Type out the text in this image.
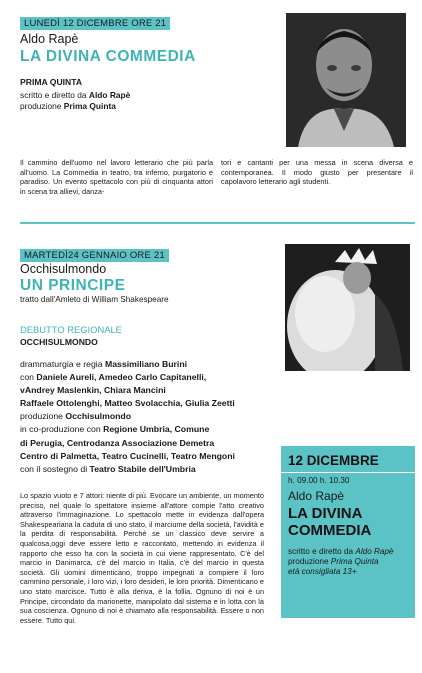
LUNEDÌ 12 DICEMBRE ORE 21
Aldo Rapè
LA DIVINA COMMEDIA
PRIMA QUINTA
scritto e diretto da Aldo Rapè
produzione Prima Quinta
Il cammino dell'uomo nel lavoro letterario che più parla all'uomo. La Commedia in teatro, tra inferno, purgatorio e paradiso. Un evento spettacolo con più di cinquanta attori in scena tra allievi, danza-
tori e cantanti per una messa in scena diversa e contemporanea. Il modo giusto per presentare il capolavoro letterario agli studenti.
MARTEDÌ24 GENNAIO ORE 21
Occhisulmondo
UN PRINCIPE
tratto dall'Amleto di William Shakespeare
DEBUTTO REGIONALE
OCCHISULMONDO
drammaturgia e regia Massimiliano Burini
con Daniele Aureli, Amedeo Carlo Capitanelli,
vAndrey Maslenkin, Chiara Mancini
Raffaele Ottolenghi, Matteo Svolacchia, Giulia Zeetti
produzione Occhisulmondo
in co-produzione con Regione Umbria, Comune
di Perugia, Centrodanza Associazione Demetra
Centro di Palmetta, Teatro Cucinelli, Teatro Mengoni
con il sostegno di Teatro Stabile dell'Umbria
Lo spazio vuoto e 7 attori: niente di più. Evocare un ambiente, un momento preciso, nel quale lo spettatore insieme all'attore compie l'atto creativo attraverso l'immaginazione. Lo spettacolo mette in evidenza dall'opera Shakespeariana la caduta di uno stato, il marciume della società, l'avidità e la perdita di responsabilità. Perché se un classico deve servire a qualcosa,oggi deve essere letto e raccontato, mettendo in evidenza il rapporto che esso ha con la società in cui viene rappresentato. C'è del marcio in Danimarca, c'è del marcio in Italia, c'è del marcio in questa società. Gli uomini dimenticano, troppo impegnati a compiere il loro cammino personale, i loro vizi, i loro desideri, le loro priorità. Dimenticano e uno stato marcisce. Tutto è alla deriva, è la follia. Ognuno di noi è un Principe, circondato da marionette, manipolato dal sistema e in lotta con la sua coscienza. Ognuno di noi è chiamato alla responsabilità. Essere o non essere. Tutto qui.
12 DICEMBRE
h. 09.00 h. 10.30
Aldo Rapè
LA DIVINA
COMMEDIA
scritto e diretto da Aldo Rapè
produzione Prima Quinta
età consigliata 13+
